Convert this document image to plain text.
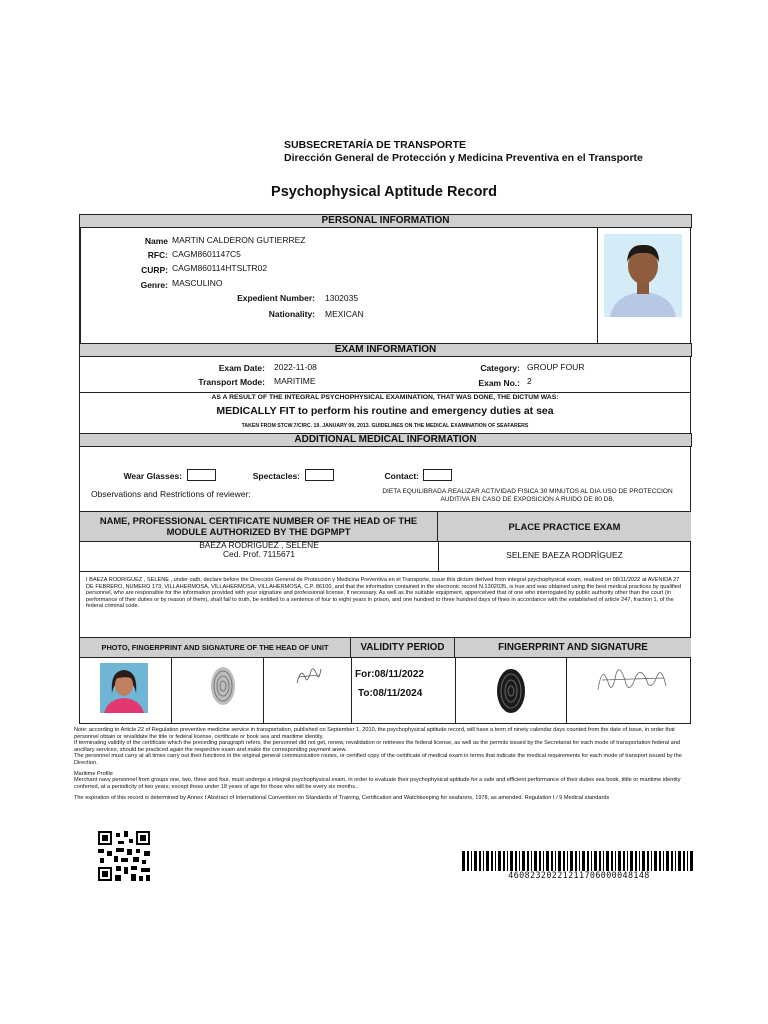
SUBSECRETARÍA DE TRANSPORTE
Dirección General de Protección y Medicina Preventiva en el Transporte
Psychophysical Aptitude Record
PERSONAL INFORMATION
Name MARTIN CALDERON GUTIERREZ
RFC: CAGM8601147C5
CURP: CAGM860114HTSLTR02
Genre: MASCULINO
Expedient Number: 1302035
Nationality: MEXICAN
EXAM INFORMATION
Exam Date: 2022-11-08
Transport Mode: MARITIME
Category: GROUP FOUR
Exam No.: 2
AS A RESULT OF THE INTEGRAL PSYCHOPHYSICAL EXAMINATION, THAT WAS DONE, THE DICTUM WAS:
MEDICALLY FIT to perform his routine and emergency duties at sea
TAKEN FROM STCW.7/CIRC. 19. JANUARY 09, 2013. GUIDELINES ON THE MEDICAL EXAMINATION OF SEAFARERS
ADDITIONAL MEDICAL INFORMATION
Wear Glasses:	Spectacles:	Contact:
Observations and Restrictions of reviewer:	DIETA EQUILIBRADA.REALIZAR ACTIVIDAD FISICA 30 MINUTOS AL DIA.USO DE PROTECCION AUDITIVA EN CASO DE EXPOSICION A RUIDO DE 80 DB.
NAME, PROFESSIONAL CERTIFICATE NUMBER OF THE HEAD OF THE MODULE AUTHORIZED BY THE DGPMPT	PLACE PRACTICE EXAM
BAEZA RODRIGUEZ , SELENE
Ced. Prof. 7115671	SELENE BAEZA RODRÍGUEZ
I BAEZA RODRIGUEZ , SELENE , under oath, declare before the Dirección General de Protección y Medicina Preventiva en el Transporte, issue this dictum derived from integral psychophysical exam, realized on 08/11/2022 at AVENIDA 27 DE FEBRERO, NUMERO 173, VILLAHERMOSA, VILLAHERMOSA, VILLAHERMOSA, C.P. 86100, and that the information contained in the electronic record N.1302035, is true and was obtained using the best medical practices by qualified personnel, who are responsible for the information provided with your signature and professional license, if necessary. As well as the suitable equipment, apperceived that of one who interrogated by public authority other than the court (in performance of their duties or by reason of them), shall fail to truth, be entitled to a sentence of four to eight years in prison, and one hundred to three hundred days of fines in accordance with the established of article 247, fraction 1, of the federal criminal code.
PHOTO, FINGERPRINT AND SIGNATURE OF THE HEAD OF UNIT	VALIDITY PERIOD	FINGERPRINT AND SIGNATURE
For:08/11/2022
To:08/11/2024
Note: according to Article 22 of Regulation preventive medicine service in transportation, published on September 1, 2010, the psychophysical aptitude record, will have a term of ninety calendar days counted from the date of issue, in order that personnel obtain or revalidate the title or federal license, certificate or book sea and maritime identity.
If terminating validity of the certificate which the preceding paragraph refers, the personnel did not get, renew, revalidation or retrieves the federal license, as well as the permits issued by the Secretariat for each mode of transportation federal and ancillary services, should be practiced again the respective exam and make the corresponding payment anew.
The personnel must carry at all times carry out their functions in the original general communication routes, or certified copy of the certificate of medical exam in terms that indicate the medical requirements for each mode of transport issued by the Direction.
Maritime Profile
Merchant navy personnel from groups one, two, three and four, must undergo a integral psychophysical exam, in order to evaluate their psychophysical aptitude for a safe and efficient performance of their duties sea book, tittle or maritime identity conferred, at a periodicity of two years; except those under 18 years of age for those who will be every six months..
The expiration of this record is determined by Annex I Abstract of International Convention on Standards of Training, Certification and Watchkeeping for seafarers, 1978, as amended. Regulation I / 9 Medical standards
46082320221211706000048148
